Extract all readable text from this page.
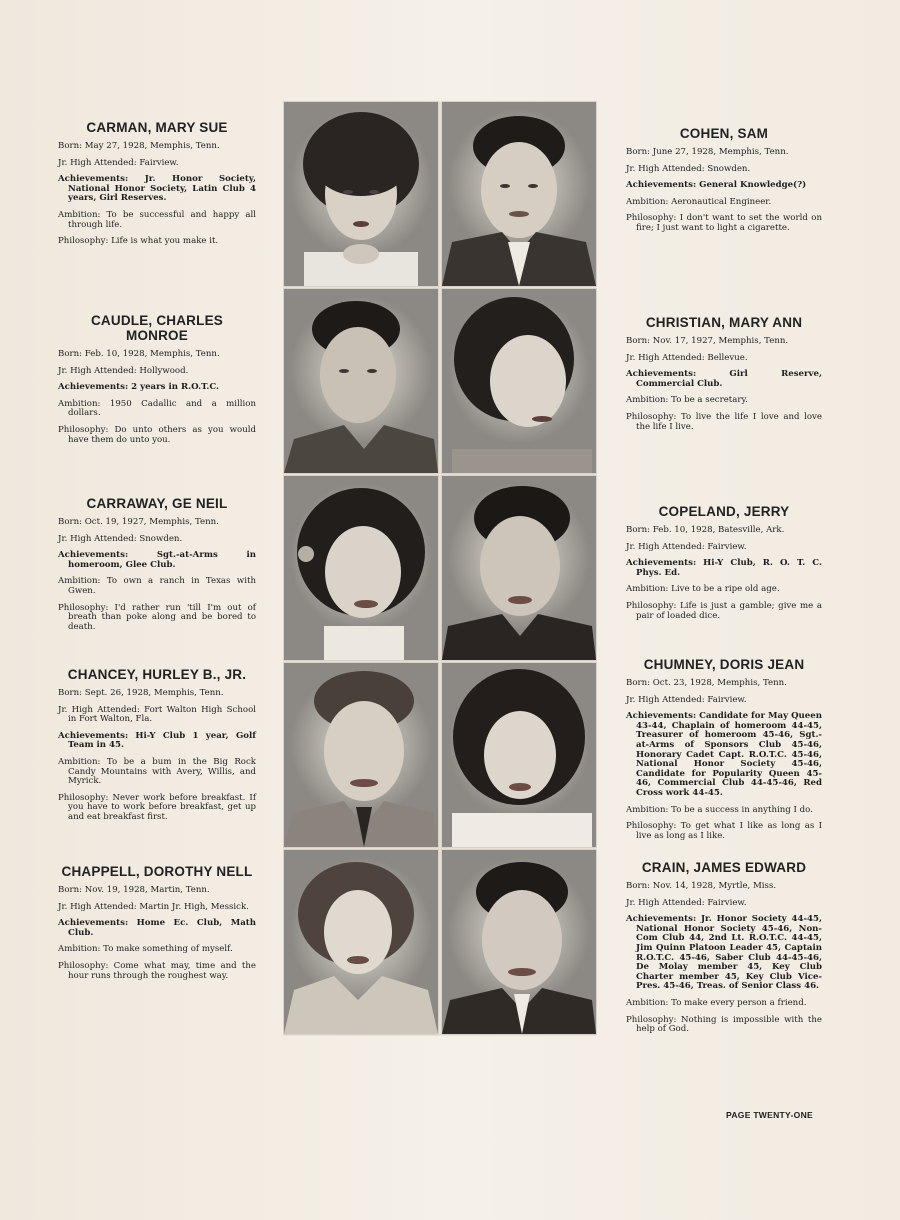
CARMAN, MARY SUE
Born: May 27, 1928, Memphis, Tenn.
Jr. High Attended: Fairview.
Achievements: Jr. Honor Society, National Honor Society, Latin Club 4 years, Girl Reserves.
Ambition: To be successful and happy all through life.
Philosophy: Life is what you make it.
CAUDLE, CHARLES MONROE
Born: Feb. 10, 1928, Memphis, Tenn.
Jr. High Attended: Hollywood.
Achievements: 2 years in R.O.T.C.
Ambition: 1950 Cadallic and a million dollars.
Philosophy: Do unto others as you would have them do unto you.
CARRAWAY, GE NEIL
Born: Oct. 19, 1927, Memphis, Tenn.
Jr. High Attended: Snowden.
Achievements: Sgt.-at-Arms in homeroom, Glee Club.
Ambition: To own a ranch in Texas with Gwen.
Philosophy: I'd rather run 'till I'm out of breath than poke along and be bored to death.
CHANCEY, HURLEY B., JR.
Born: Sept. 26, 1928, Memphis, Tenn.
Jr. High Attended: Fort Walton High School in Fort Walton, Fla.
Achievements: Hi-Y Club 1 year, Golf Team in 45.
Ambition: To be a bum in the Big Rock Candy Mountains with Avery, Willis, and Myrick.
Philosophy: Never work before breakfast. If you have to work before breakfast, get up and eat breakfast first.
CHAPPELL, DOROTHY NELL
Born: Nov. 19, 1928, Martin, Tenn.
Jr. High Attended: Martin Jr. High, Messick.
Achievements: Home Ec. Club, Math Club.
Ambition: To make something of myself.
Philosophy: Come what may, time and the hour runs through the roughest way.
COHEN, SAM
Born: June 27, 1928, Memphis, Tenn.
Jr. High Attended: Snowden.
Achievements: General Knowledge(?)
Ambition: Aeronautical Engineer.
Philosophy: I don't want to set the world on fire; I just want to light a cigarette.
CHRISTIAN, MARY ANN
Born: Nov. 17, 1927, Memphis, Tenn.
Jr. High Attended: Bellevue.
Achievements: Girl Reserve, Commercial Club.
Ambition: To be a secretary.
Philosophy: To live the life I love and love the life I live.
COPELAND, JERRY
Born: Feb. 10, 1928, Batesville, Ark.
Jr. High Attended: Fairview.
Achievements: Hi-Y Club, R. O. T. C. Phys. Ed.
Ambition: Live to be a ripe old age.
Philosophy: Life is just a gamble; give me a pair of loaded dice.
CHUMNEY, DORIS JEAN
Born: Oct. 23, 1928, Memphis, Tenn.
Jr. High Attended: Fairview.
Achievements: Candidate for May Queen 43-44, Chaplain of homeroom 44-45, Treasurer of homeroom 45-46, Sgt.-at-Arms of Sponsors Club 45-46, Honorary Cadet Capt. R.O.T.C. 45-46, National Honor Society 45-46, Candidate for Popularity Queen 45-46, Commercial Club 44-45-46, Red Cross work 44-45.
Ambition: To be a success in anything I do.
Philosophy: To get what I like as long as I live as long as I like.
CRAIN, JAMES EDWARD
Born: Nov. 14, 1928, Myrtle, Miss.
Jr. High Attended: Fairview.
Achievements: Jr. Honor Society 44-45, National Honor Society 45-46, Non-Com Club 44, 2nd Lt. R.O.T.C. 44-45, Jim Quinn Platoon Leader 45, Captain R.O.T.C. 45-46, Saber Club 44-45-46, De Molay member 45, Key Club Charter member 45, Key Club Vice-Pres. 45-46, Treas. of Senior Class 46.
Ambition: To make every person a friend.
Philosophy: Nothing is impossible with the help of God.
PAGE TWENTY-ONE
